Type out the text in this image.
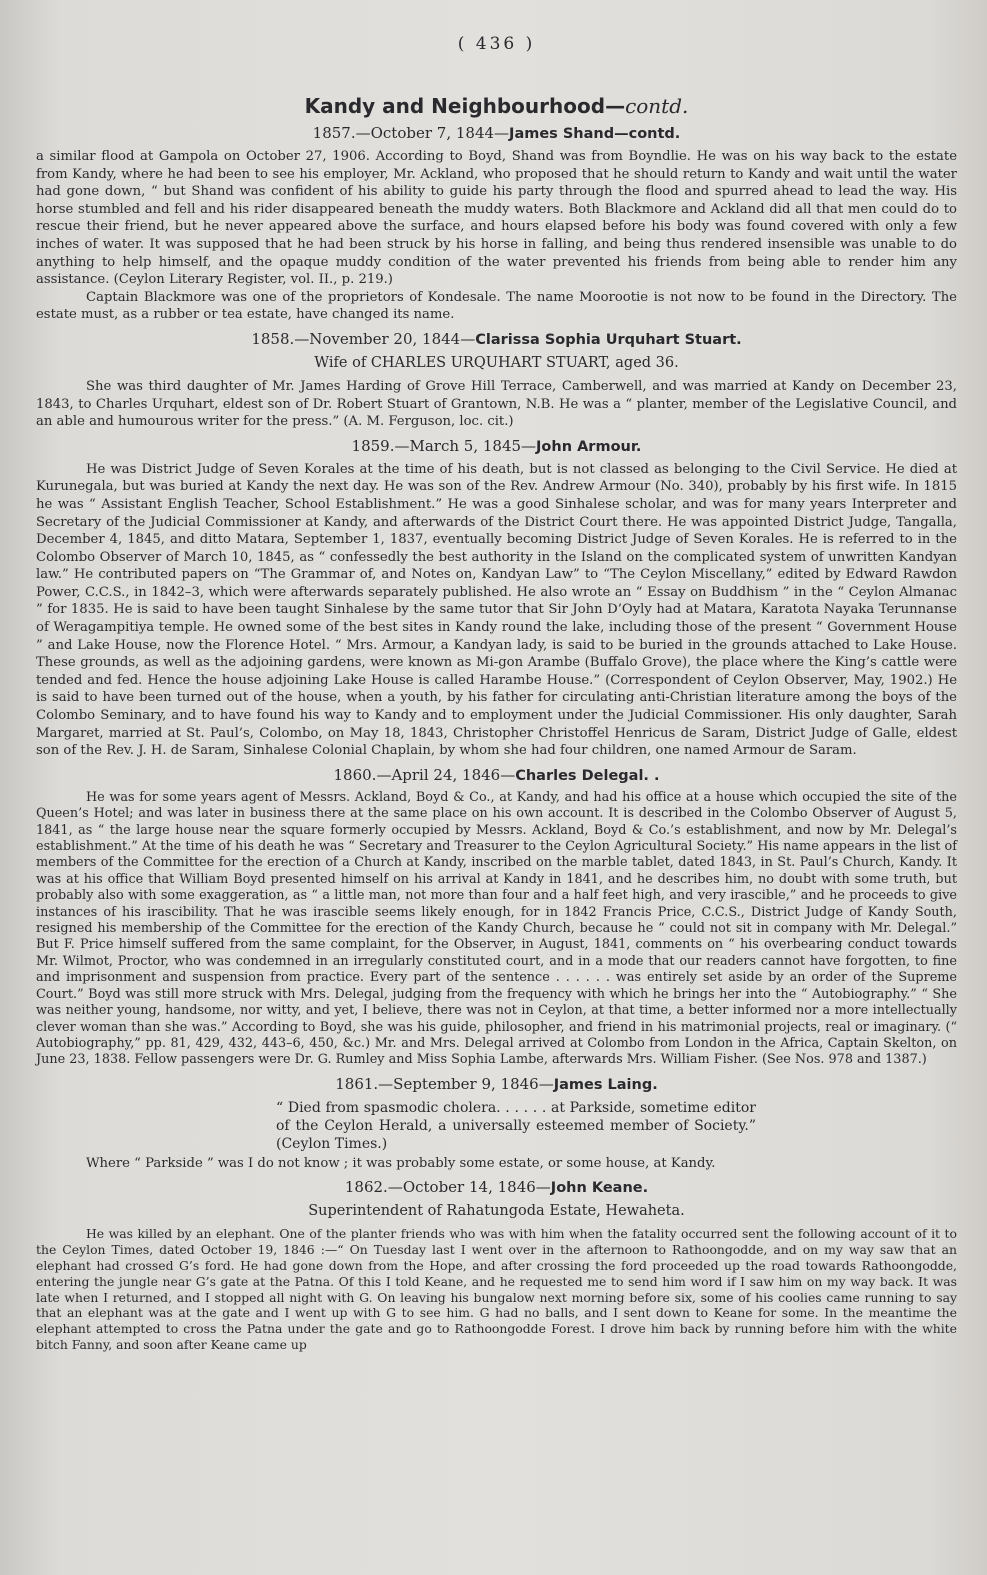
( 436 )
Kandy and Neighbourhood—contd.
1857.—October 7, 1844—James Shand—contd.

a similar flood at Gampola on October 27, 1906. According to Boyd, Shand was from Boyndlie. He was on his way back to the estate from Kandy, where he had been to see his employer, Mr. Ackland, who proposed that he should return to Kandy and wait until the water had gone down, “ but Shand was confident of his ability to guide his party through the flood and spurred ahead to lead the way. His horse stumbled and fell and his rider disappeared beneath the muddy waters. Both Blackmore and Ackland did all that men could do to rescue their friend, but he never appeared above the surface, and hours elapsed before his body was found covered with only a few inches of water. It was supposed that he had been struck by his horse in falling, and being thus rendered insensible was unable to do anything to help himself, and the opaque muddy condition of the water prevented his friends from being able to render him any assistance. (Ceylon Literary Register, vol. II., p. 219.)

Captain Blackmore was one of the proprietors of Kondesale. The name Moorootie is not now to be found in the Directory. The estate must, as a rubber or tea estate, have changed its name.

1858.—November 20, 1844—Clarissa Sophia Urquhart Stuart.
Wife of CHARLES URQUHART STUART, aged 36.

She was third daughter of Mr. James Harding of Grove Hill Terrace, Camberwell, and was married at Kandy on December 23, 1843, to Charles Urquhart, eldest son of Dr. Robert Stuart of Grantown, N.B. He was a “ planter, member of the Legislative Council, and an able and humourous writer for the press.” (A. M. Ferguson, loc. cit.)

1859.—March 5, 1845—John Armour.

He was District Judge of Seven Korales at the time of his death, but is not classed as belonging to the Civil Service. He died at Kurunegala, but was buried at Kandy the next day. He was son of the Rev. Andrew Armour (No. 340), probably by his first wife. In 1815 he was “ Assistant English Teacher, School Establishment.” He was a good Sinhalese scholar, and was for many years Interpreter and Secretary of the Judicial Commissioner at Kandy, and afterwards of the District Court there. He was appointed District Judge, Tangalla, December 4, 1845, and ditto Matara, September 1, 1837, eventually becoming District Judge of Seven Korales. He is referred to in the Colombo Observer of March 10, 1845, as “ confessedly the best authority in the Island on the complicated system of unwritten Kandyan law.” He contributed papers on “The Grammar of, and Notes on, Kandyan Law” to “The Ceylon Miscellany,” edited by Edward Rawdon Power, C.C.S., in 1842–3, which were afterwards separately published. He also wrote an “ Essay on Buddhism ” in the “ Ceylon Almanac ” for 1835. He is said to have been taught Sinhalese by the same tutor that Sir John D’Oyly had at Matara, Karatota Nayaka Terunnanse of Weragampitiya temple. He owned some of the best sites in Kandy round the lake, including those of the present “ Government House ” and Lake House, now the Florence Hotel. “ Mrs. Armour, a Kandyan lady, is said to be buried in the grounds attached to Lake House. These grounds, as well as the adjoining gardens, were known as Mi-gon Arambe (Buffalo Grove), the place where the King’s cattle were tended and fed. Hence the house adjoining Lake House is called Harambe House.” (Correspondent of Ceylon Observer, May, 1902.) He is said to have been turned out of the house, when a youth, by his father for circulating anti-Christian literature among the boys of the Colombo Seminary, and to have found his way to Kandy and to employment under the Judicial Commissioner. His only daughter, Sarah Margaret, married at St. Paul’s, Colombo, on May 18, 1843, Christopher Christoffel Henricus de Saram, District Judge of Galle, eldest son of the Rev. J. H. de Saram, Sinhalese Colonial Chaplain, by whom she had four children, one named Armour de Saram.

1860.—April 24, 1846—Charles Delegal. .

He was for some years agent of Messrs. Ackland, Boyd & Co., at Kandy, and had his office at a house which occupied the site of the Queen’s Hotel; and was later in business there at the same place on his own account. It is described in the Colombo Observer of August 5, 1841, as “ the large house near the square formerly occupied by Messrs. Ackland, Boyd & Co.’s establishment, and now by Mr. Delegal’s establishment.” At the time of his death he was “ Secretary and Treasurer to the Ceylon Agricultural Society.” His name appears in the list of members of the Committee for the erection of a Church at Kandy, inscribed on the marble tablet, dated 1843, in St. Paul’s Church, Kandy. It was at his office that William Boyd presented himself on his arrival at Kandy in 1841, and he describes him, no doubt with some truth, but probably also with some exaggeration, as “ a little man, not more than four and a half feet high, and very irascible,” and he proceeds to give instances of his irascibility. That he was irascible seems likely enough, for in 1842 Francis Price, C.C.S., District Judge of Kandy South, resigned his membership of the Committee for the erection of the Kandy Church, because he “ could not sit in company with Mr. Delegal.” But F. Price himself suffered from the same complaint, for the Observer, in August, 1841, comments on “ his overbearing conduct towards Mr. Wilmot, Proctor, who was condemned in an irregularly constituted court, and in a mode that our readers cannot have forgotten, to fine and imprisonment and suspension from practice. Every part of the sentence . . . . . . was entirely set aside by an order of the Supreme Court.” Boyd was still more struck with Mrs. Delegal, judging from the frequency with which he brings her into the “ Autobiography.” “ She was neither young, handsome, nor witty, and yet, I believe, there was not in Ceylon, at that time, a better informed nor a more intellectually clever woman than she was.” According to Boyd, she was his guide, philosopher, and friend in his matrimonial projects, real or imaginary. (“ Autobiography,” pp. 81, 429, 432, 443–6, 450, &c.) Mr. and Mrs. Delegal arrived at Colombo from London in the Africa, Captain Skelton, on June 23, 1838. Fellow passengers were Dr. G. Rumley and Miss Sophia Lambe, afterwards Mrs. William Fisher. (See Nos. 978 and 1387.)

1861.—September 9, 1846—James Laing.
“ Died from spasmodic cholera. . . . . . at Parkside, sometime editor of the Ceylon Herald, a universally esteemed member of Society.” (Ceylon Times.)

Where “ Parkside ” was I do not know ; it was probably some estate, or some house, at Kandy.

1862.—October 14, 1846—John Keane.
Superintendent of Rahatungoda Estate, Hewaheta.

He was killed by an elephant. One of the planter friends who was with him when the fatality occurred sent the following account of it to the Ceylon Times, dated October 19, 1846 :—“ On Tuesday last I went over in the afternoon to Rathoongodde, and on my way saw that an elephant had crossed G’s ford. He had gone down from the Hope, and after crossing the ford proceeded up the road towards Rathoongodde, entering the jungle near G’s gate at the Patna. Of this I told Keane, and he requested me to send him word if I saw him on my way back. It was late when I returned, and I stopped all night with G. On leaving his bungalow next morning before six, some of his coolies came running to say that an elephant was at the gate and I went up with G to see him. G had no balls, and I sent down to Keane for some. In the meantime the elephant attempted to cross the Patna under the gate and go to Rathoongodde Forest. I drove him back by running before him with the white bitch Fanny, and soon after Keane came up
